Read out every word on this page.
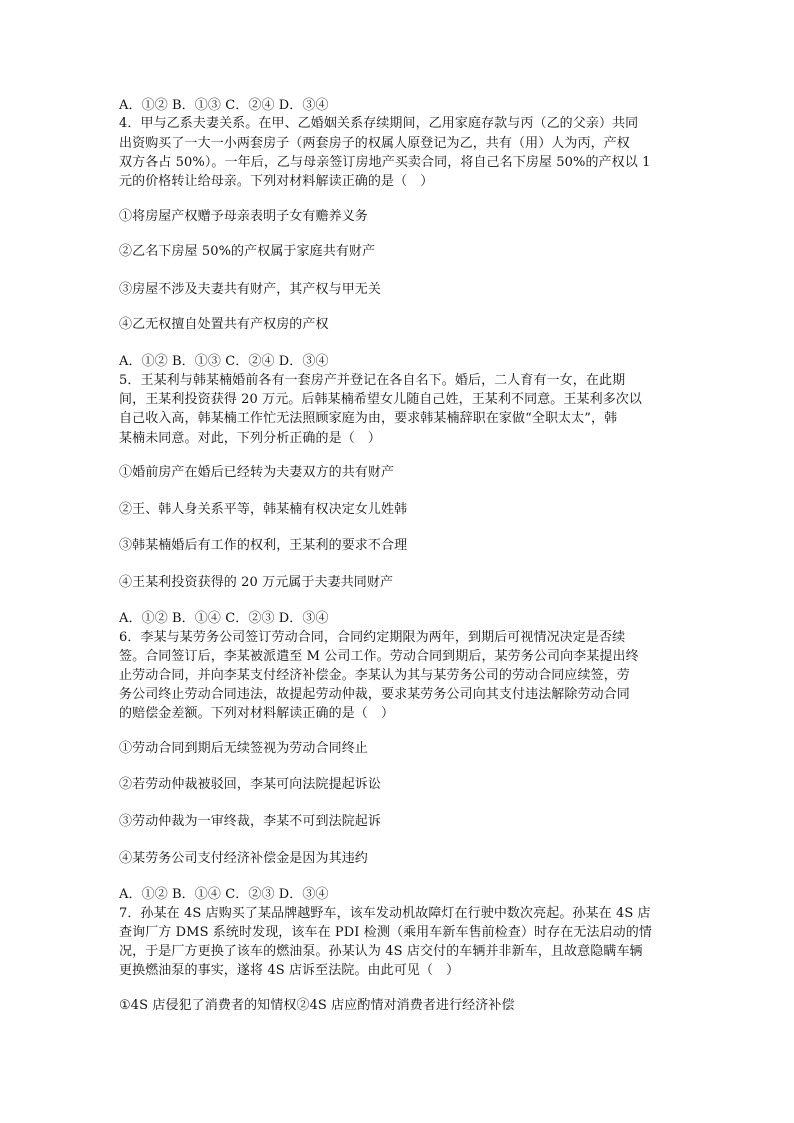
A．①② B．①③ C．②④ D．③④
4．甲与乙系夫妻关系。在甲、乙婚姻关系存续期间，乙用家庭存款与丙（乙的父亲）共同
出资购买了一大一小两套房子（两套房子的权属人原登记为乙，共有（用）人为丙，产权
双方各占 50%）。一年后，乙与母亲签订房地产买卖合同，将自己名下房屋 50%的产权以 1
元的价格转让给母亲。下列对材料解读正确的是（　）
①将房屋产权赠予母亲表明子女有赡养义务
②乙名下房屋 50%的产权属于家庭共有财产
③房屋不涉及夫妻共有财产，其产权与甲无关
④乙无权擅自处置共有产权房的产权
A．①② B．①③ C．②④ D．③④
5．王某利与韩某楠婚前各有一套房产并登记在各自名下。婚后，二人育有一女，在此期
间，王某利投资获得 20 万元。后韩某楠希望女儿随自己姓，王某利不同意。王某利多次以
自己收入高，韩某楠工作忙无法照顾家庭为由，要求韩某楠辞职在家做“全职太太”，韩
某楠未同意。对此，下列分析正确的是（　）
①婚前房产在婚后已经转为夫妻双方的共有财产
②王、韩人身关系平等，韩某楠有权决定女儿姓韩
③韩某楠婚后有工作的权利，王某利的要求不合理
④王某利投资获得的 20 万元属于夫妻共同财产
A．①② B．①④ C．②③ D．③④
6．李某与某劳务公司签订劳动合同，合同约定期限为两年，到期后可视情况决定是否续
签。合同签订后，李某被派遣至 M 公司工作。劳动合同到期后，某劳务公司向李某提出终
止劳动合同，并向李某支付经济补偿金。李某认为其与某劳务公司的劳动合同应续签，劳
务公司终止劳动合同违法，故提起劳动仲裁，要求某劳务公司向其支付违法解除劳动合同
的赔偿金差额。下列对材料解读正确的是（　）
①劳动合同到期后无续签视为劳动合同终止
②若劳动仲裁被驳回，李某可向法院提起诉讼
③劳动仲裁为一审终裁，李某不可到法院起诉
④某劳务公司支付经济补偿金是因为其违约
A．①② B．①④ C．②③ D．③④
7．孙某在 4S 店购买了某品牌越野车，该车发动机故障灯在行驶中数次亮起。孙某在 4S 店
查询厂方 DMS 系统时发现，该车在 PDI 检测（乘用车新车售前检查）时存在无法启动的情
况，于是厂方更换了该车的燃油泵。孙某认为 4S 店交付的车辆并非新车，且故意隐瞒车辆
更换燃油泵的事实，遂将 4S 店诉至法院。由此可见（　）
①4S 店侵犯了消费者的知情权②4S 店应酌情对消费者进行经济补偿
